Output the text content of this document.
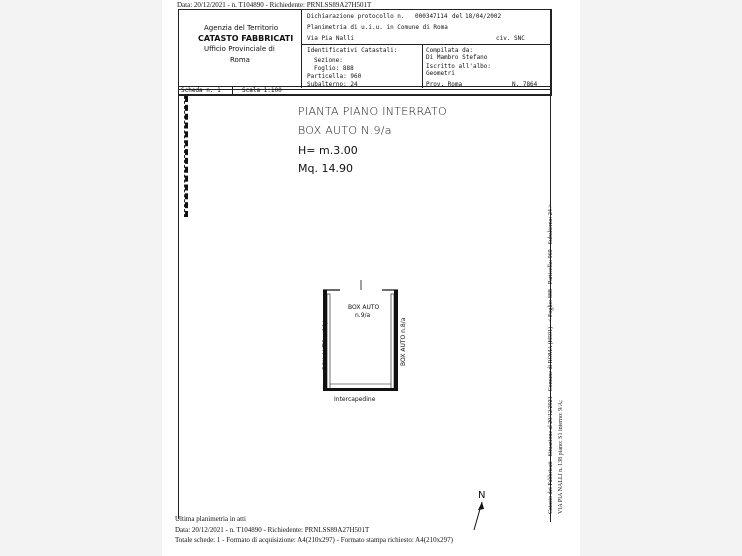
Data: 20/12/2021 - n. T104890 - Richiedente: PRNLSS89A27H501T
Agenzia del Territorio
CATASTO FABBRICATI
Ufficio Provinciale di
Roma
Dichiarazione protocollo n. 000347114 del 18/04/2002
Planimetria di u.i.u. in Comune di Roma
Via Pia Nalli	civ. SNC
Identificativi Catastali:
Sezione:
Foglio: 888
Particella: 960
Subalterno: 24
Compilata da:
Di Mambro Stefano
Iscritto all'albo:
Geometri
Prov. Roma	N. 7864
Scheda n. 1	Scala 1:100
PIANTA PIANO INTERRATO
BOX AUTO N.9/a
H= m.3.00
Mq. 14.90
BOX AUTO
n.9/a
BOX AUTO n.10/a	BOX AUTO n.8/a
Intercapedine
N	Catasto dei Fabbricati - Situazione al 20/12/2021 - Comune di ROMA (H501) - < Foglio: 888 - Particella: 960 - Subalterno: 24 > VIA PIA NALLI n. 138 piano: S1 interno: 9/A;
Ultima planimetria in atti
Data: 20/12/2021 - n. T104890 - Richiedente: PRNLSS89A27H501T
Totale schede: 1 - Formato di acquisizione: A4(210x297) - Formato stampa richiesto: A4(210x297)
